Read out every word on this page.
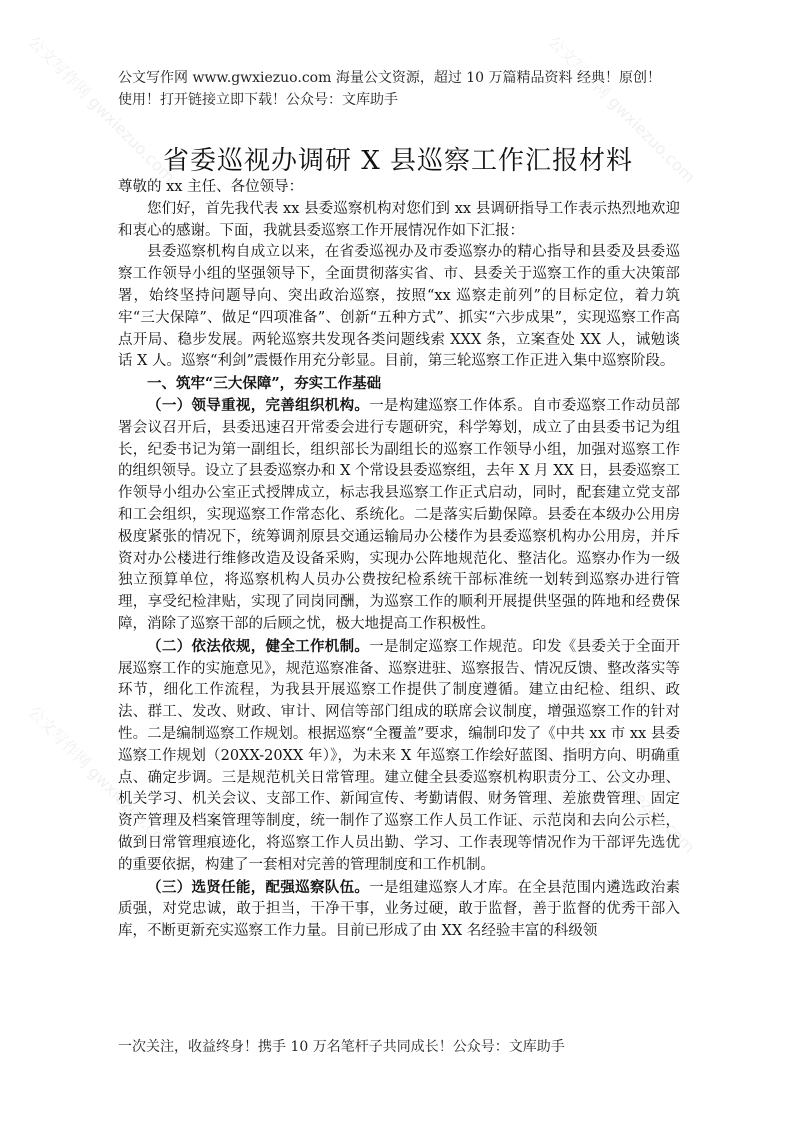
公文写作网 gwxiezuo.com	公文写作网 gwxiezuo.com
公文写作网 gwxiezuo.com	公文写作网 gwxiezuo.com
公文写作网 www.gwxiezuo.com 海量公文资源，超过 10 万篇精品资料 经典！原创！
使用！打开链接立即下载！公众号：文库助手
省委巡视办调研 X 县巡察工作汇报材料

尊敬的 xx 主任、各位领导：

您们好，首先我代表 xx 县委巡察机构对您们到 xx 县调研指导工作表示热烈地欢迎和衷心的感谢。下面，我就县委巡察工作开展情况作如下汇报：

县委巡察机构自成立以来，在省委巡视办及市委巡察办的精心指导和县委及县委巡察工作领导小组的坚强领导下，全面贯彻落实省、市、县委关于巡察工作的重大决策部署，始终坚持问题导向、突出政治巡察，按照“xx 巡察走前列”的目标定位，着力筑牢“三大保障”、做足“四项准备”、创新“五种方式”、抓实“六步成果”，实现巡察工作高点开局、稳步发展。两轮巡察共发现各类问题线索 XXX 条，立案查处 XX 人，诫勉谈话 X 人。巡察“利剑”震慑作用充分彰显。目前，第三轮巡察工作正进入集中巡察阶段。

一、筑牢“三大保障”，夯实工作基础

（一）领导重视，完善组织机构。一是构建巡察工作体系。自市委巡察工作动员部署会议召开后，县委迅速召开常委会进行专题研究，科学筹划，成立了由县委书记为组长，纪委书记为第一副组长，组织部长为副组长的巡察工作领导小组，加强对巡察工作的组织领导。设立了县委巡察办和 X 个常设县委巡察组，去年 X 月 XX 日，县委巡察工作领导小组办公室正式授牌成立，标志我县巡察工作正式启动，同时，配套建立党支部和工会组织，实现巡察工作常态化、系统化。二是落实后勤保障。县委在本级办公用房极度紧张的情况下，统筹调剂原县交通运输局办公楼作为县委巡察机构办公用房，并斥资对办公楼进行维修改造及设备采购，实现办公阵地规范化、整洁化。巡察办作为一级独立预算单位，将巡察机构人员办公费按纪检系统干部标准统一划转到巡察办进行管理，享受纪检津贴，实现了同岗同酬，为巡察工作的顺利开展提供坚强的阵地和经费保障，消除了巡察干部的后顾之忧，极大地提高工作积极性。

（二）依法依规，健全工作机制。一是制定巡察工作规范。印发《县委关于全面开展巡察工作的实施意见》，规范巡察准备、巡察进驻、巡察报告、情况反馈、整改落实等环节，细化工作流程，为我县开展巡察工作提供了制度遵循。建立由纪检、组织、政法、群工、发改、财政、审计、网信等部门组成的联席会议制度，增强巡察工作的针对性。二是编制巡察工作规划。根据巡察“全覆盖”要求，编制印发了《中共 xx 市 xx 县委巡察工作规划（20XX-20XX 年）》，为未来 X 年巡察工作绘好蓝图、指明方向、明确重点、确定步调。三是规范机关日常管理。建立健全县委巡察机构职责分工、公文办理、机关学习、机关会议、支部工作、新闻宣传、考勤请假、财务管理、差旅费管理、固定资产管理及档案管理等制度，统一制作了巡察工作人员工作证、示范岗和去向公示栏，做到日常管理痕迹化，将巡察工作人员出勤、学习、工作表现等情况作为干部评先选优的重要依据，构建了一套相对完善的管理制度和工作机制。

（三）选贤任能，配强巡察队伍。一是组建巡察人才库。在全县范围内遴选政治素质强，对党忠诚，敢于担当，干净干事，业务过硬，敢于监督，善于监督的优秀干部入库，不断更新充实巡察工作力量。目前已形成了由 XX 名经验丰富的科级领

一次关注，收益终身！携手 10 万名笔杆子共同成长！公众号：文库助手
